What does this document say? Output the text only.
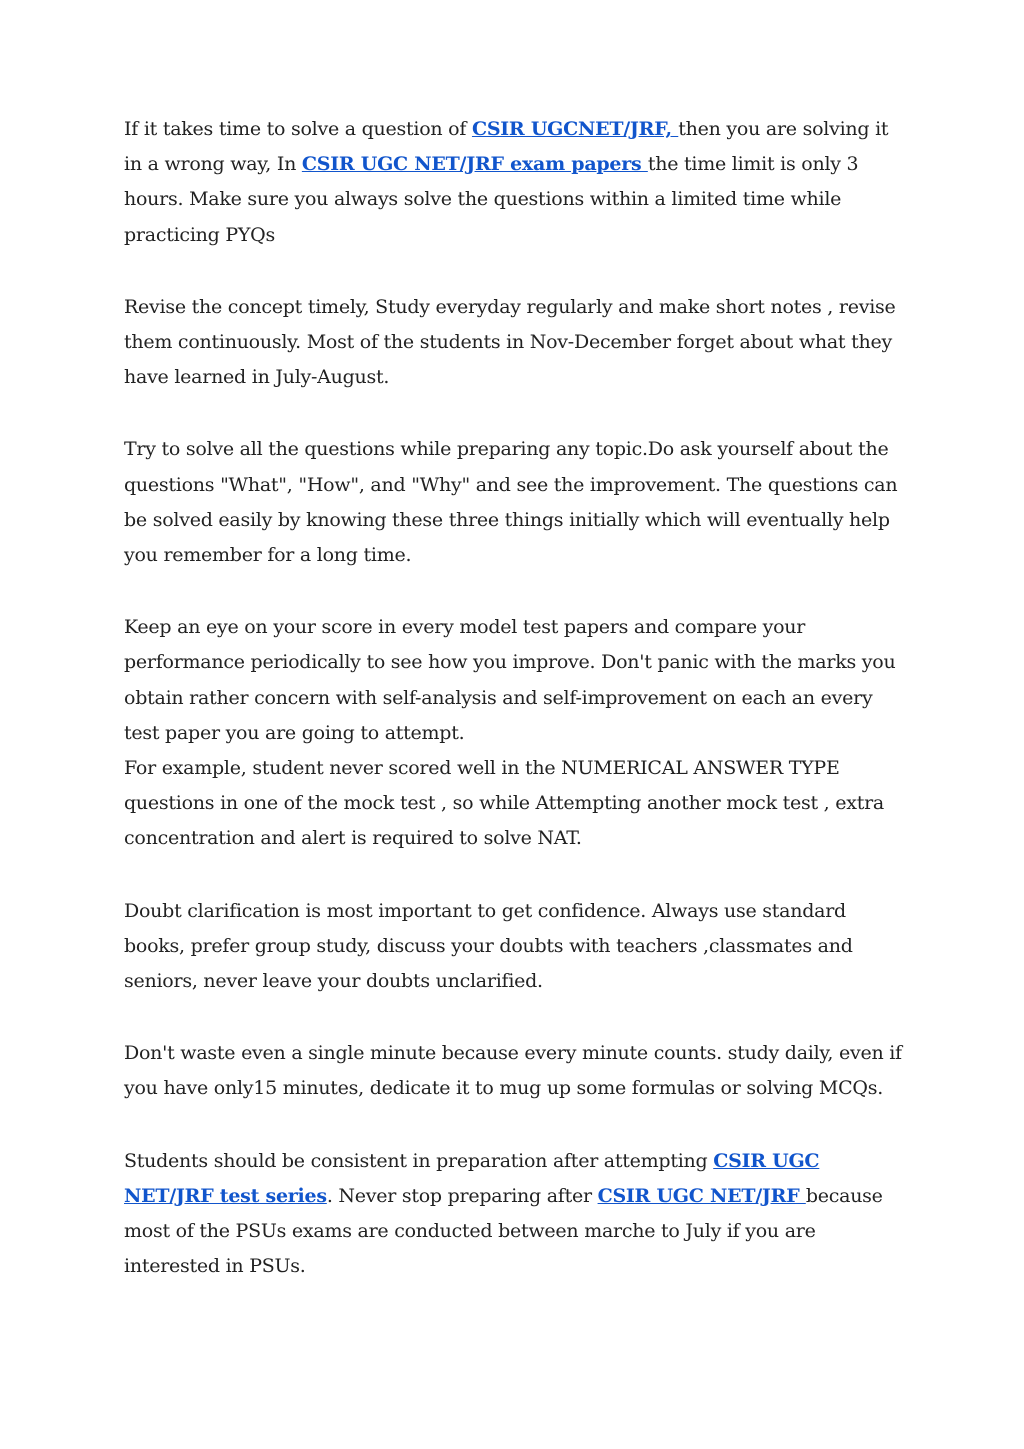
If it takes time to solve a question of CSIR UGCNET/JRF, then you are solving it in a wrong way, In CSIR UGC NET/JRF exam papers the time limit is only 3 hours. Make sure you always solve the questions within a limited time while practicing PYQs

Revise the concept timely, Study everyday regularly and make short notes , revise them continuously. Most of the students in Nov-December forget about what they have learned in July-August.

Try to solve all the questions while preparing any topic.Do ask yourself about the questions "What", "How", and "Why" and see the improvement. The questions can be solved easily by knowing these three things initially which will eventually help you remember for a long time.

Keep an eye on your score in every model test papers and compare your performance periodically to see how you improve. Don't panic with the marks you obtain rather concern with self-analysis and self-improvement on each an every test paper you are going to attempt.

For example, student never scored well in the NUMERICAL ANSWER TYPE questions in one of the mock test , so while Attempting another mock test , extra concentration and alert is required to solve NAT.

Doubt clarification is most important to get confidence. Always use standard books, prefer group study, discuss your doubts with teachers ,classmates and seniors, never leave your doubts unclarified.

Don't waste even a single minute because every minute counts. study daily, even if you have only15 minutes, dedicate it to mug up some formulas or solving MCQs.

Students should be consistent in preparation after attempting CSIR UGC NET/JRF test series. Never stop preparing after CSIR UGC NET/JRF because most of the PSUs exams are conducted between marche to July if you are interested in PSUs.
